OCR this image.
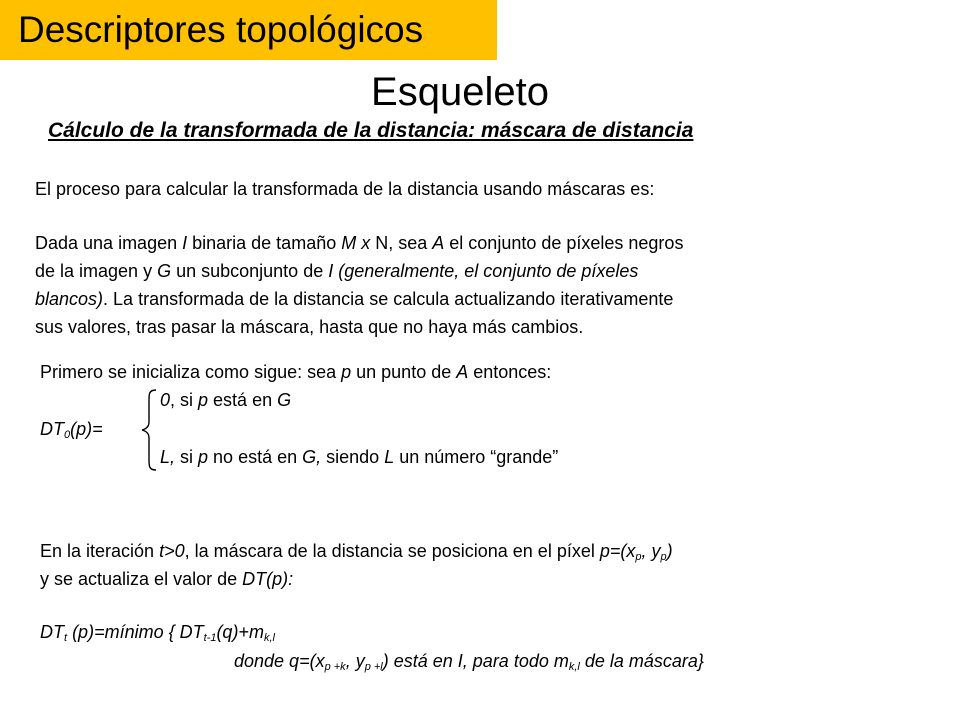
Descriptores topológicos
Esqueleto
Cálculo de la transformada de la distancia: máscara de distancia
El proceso para calcular la transformada de la distancia usando máscaras es:
Dada una imagen I binaria de tamaño M x N, sea A el conjunto de píxeles negros
de la imagen y G un subconjunto de I (generalmente, el conjunto de píxeles
blancos). La transformada de la distancia se calcula actualizando iterativamente
sus valores, tras pasar la máscara, hasta que no haya más cambios.
Primero se inicializa como sigue: sea p un punto de A entonces:
0, si p está en G
$DT_0(p)=$
L, si p no está en G, siendo L un número “grande”
En la iteración t>0, la máscara de la distancia se posiciona en el píxel $p=(x_p$, $y_p$)
y se actualiza el valor de DT(p):
$DT_t$ (p)=mínimo { $DT_{t-1}(q)+m_{k,l}$
donde $q=(x_{p +k}$, $y_{p +l}$) está en I, para todo $m_{k,l}$ de la máscara}
